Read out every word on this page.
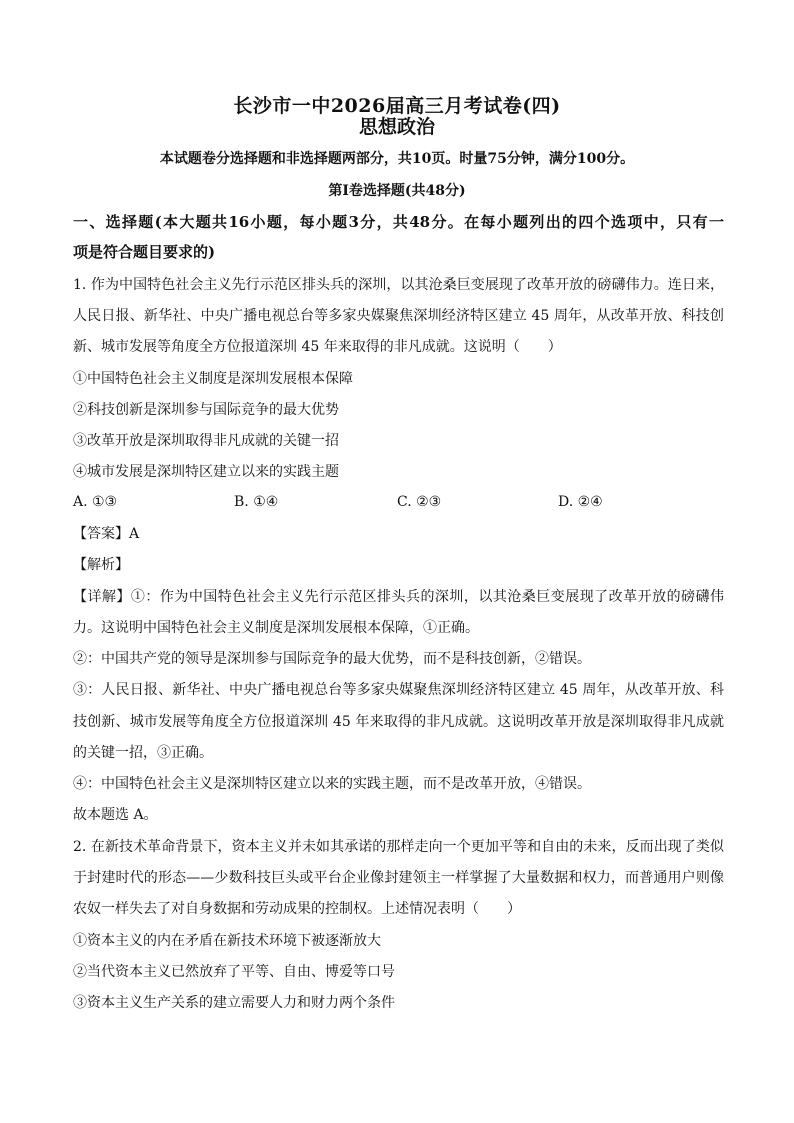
长沙市一中2026届高三月考试卷(四)
思想政治
本试题卷分选择题和非选择题两部分，共10页。时量75分钟，满分100分。
第Ⅰ卷选择题(共48分)
一、选择题(本大题共16小题，每小题3分，共48分。在每小题列出的四个选项中，只有一
项是符合题目要求的)
1. 作为中国特色社会主义先行示范区排头兵的深圳，以其沧桑巨变展现了改革开放的磅礴伟力。连日来，
人民日报、新华社、中央广播电视总台等多家央媒聚焦深圳经济特区建立 45 周年，从改革开放、科技创
新、城市发展等角度全方位报道深圳 45 年来取得的非凡成就。这说明（　　）
①中国特色社会主义制度是深圳发展根本保障
②科技创新是深圳参与国际竞争的最大优势
③改革开放是深圳取得非凡成就的关键一招
④城市发展是深圳特区建立以来的实践主题
A. ①③	B. ①④	C. ②③	D. ②④
【答案】A
【解析】
【详解】①：作为中国特色社会主义先行示范区排头兵的深圳，以其沧桑巨变展现了改革开放的磅礴伟
力。这说明中国特色社会主义制度是深圳发展根本保障，①正确。
②：中国共产党的领导是深圳参与国际竞争的最大优势，而不是科技创新，②错误。
③：人民日报、新华社、中央广播电视总台等多家央媒聚焦深圳经济特区建立 45 周年，从改革开放、科
技创新、城市发展等角度全方位报道深圳 45 年来取得的非凡成就。这说明改革开放是深圳取得非凡成就
的关键一招，③正确。
④：中国特色社会主义是深圳特区建立以来的实践主题，而不是改革开放，④错误。
故本题选 A。
2. 在新技术革命背景下，资本主义并未如其承诺的那样走向一个更加平等和自由的未来，反而出现了类似
于封建时代的形态——少数科技巨头或平台企业像封建领主一样掌握了大量数据和权力，而普通用户则像
农奴一样失去了对自身数据和劳动成果的控制权。上述情况表明（　　）
①资本主义的内在矛盾在新技术环境下被逐渐放大
②当代资本主义已然放弃了平等、自由、博爱等口号
③资本主义生产关系的建立需要人力和财力两个条件
